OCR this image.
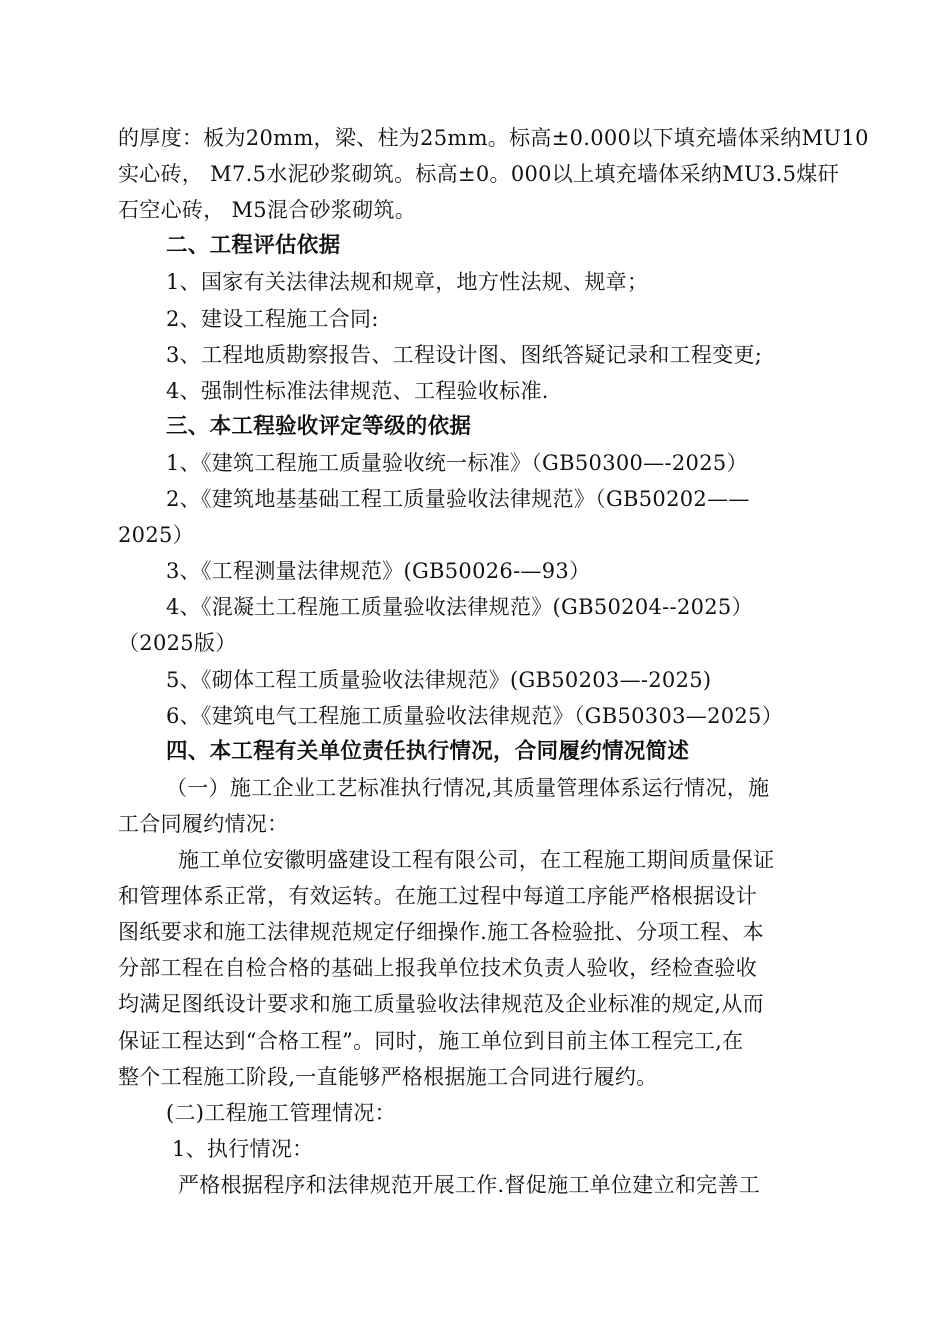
的厚度：板为20mm，梁、柱为25mm。标高±0.000以下填充墙体采纳MU10
实心砖， M7.5水泥砂浆砌筑。标高±0。000以上填充墙体采纳MU3.5煤矸
石空心砖， M5混合砂浆砌筑。
二、工程评估依据
1、国家有关法律法规和规章，地方性法规、规章；
2、建设工程施工合同:
3、工程地质勘察报告、工程设计图、图纸答疑记录和工程变更;
4、强制性标准法律规范、工程验收标准.
三、本工程验收评定等级的依据
1、《建筑工程施工质量验收统一标准》（GB50300—-2025）
2、《建筑地基基础工程工质量验收法律规范》（GB50202——
2025）
3、《工程测量法律规范》(GB50026-—93）
4、《混凝土工程施工质量验收法律规范》(GB50204--2025）
（2025版）
5、《砌体工程工质量验收法律规范》(GB50203—-2025)
6、《建筑电气工程施工质量验收法律规范》（GB50303—2025）
四、本工程有关单位责任执行情况，合同履约情况简述
（一）施工企业工艺标准执行情况,其质量管理体系运行情况，施
工合同履约情况：
施工单位安徽明盛建设工程有限公司，在工程施工期间质量保证
和管理体系正常，有效运转。在施工过程中每道工序能严格根据设计
图纸要求和施工法律规范规定仔细操作.施工各检验批、分项工程、本
分部工程在自检合格的基础上报我单位技术负责人验收，经检查验收
均满足图纸设计要求和施工质量验收法律规范及企业标准的规定,从而
保证工程达到“合格工程”。同时，施工单位到目前主体工程完工,在
整个工程施工阶段,一直能够严格根据施工合同进行履约。
(二)工程施工管理情况：
1、执行情况：
严格根据程序和法律规范开展工作.督促施工单位建立和完善工
